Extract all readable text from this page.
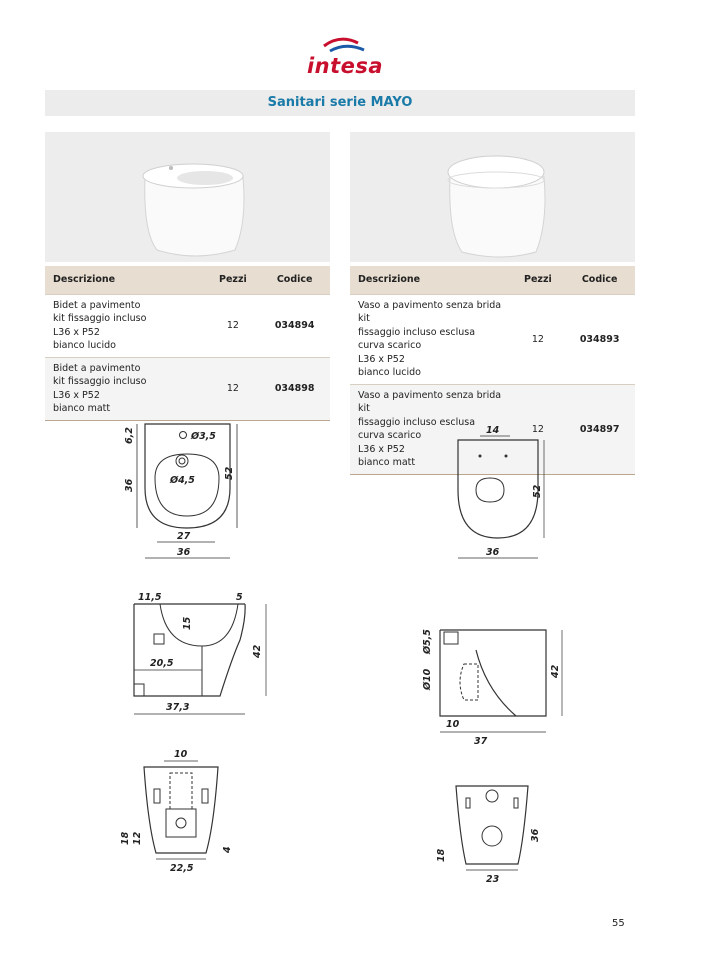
intesa
Sanitari serie MAYO
Descrizione	Pezzi	Codice

Bidet a pavimento
kit fissaggio incluso
L36 x P52
bianco lucido	12	034894

Bidet a pavimento
kit fissaggio incluso
L36 x P52
bianco matt	12	034898
Descrizione	Pezzi	Codice

Vaso a pavimento senza brida kit
fissaggio incluso esclusa curva scarico
L36 x P52
bianco lucido	12	034893

Vaso a pavimento senza brida kit
fissaggio incluso esclusa curva scarico
L36 x P52
bianco matt	12	034897
6,2	Ø3,5
Ø4,5
36
52
27
36
11,5	5
15
20,5
42
37,3
10
18 12
4
22,5
14
52
36
Ø5,5
Ø10	42
10
37
36
18
23
55
